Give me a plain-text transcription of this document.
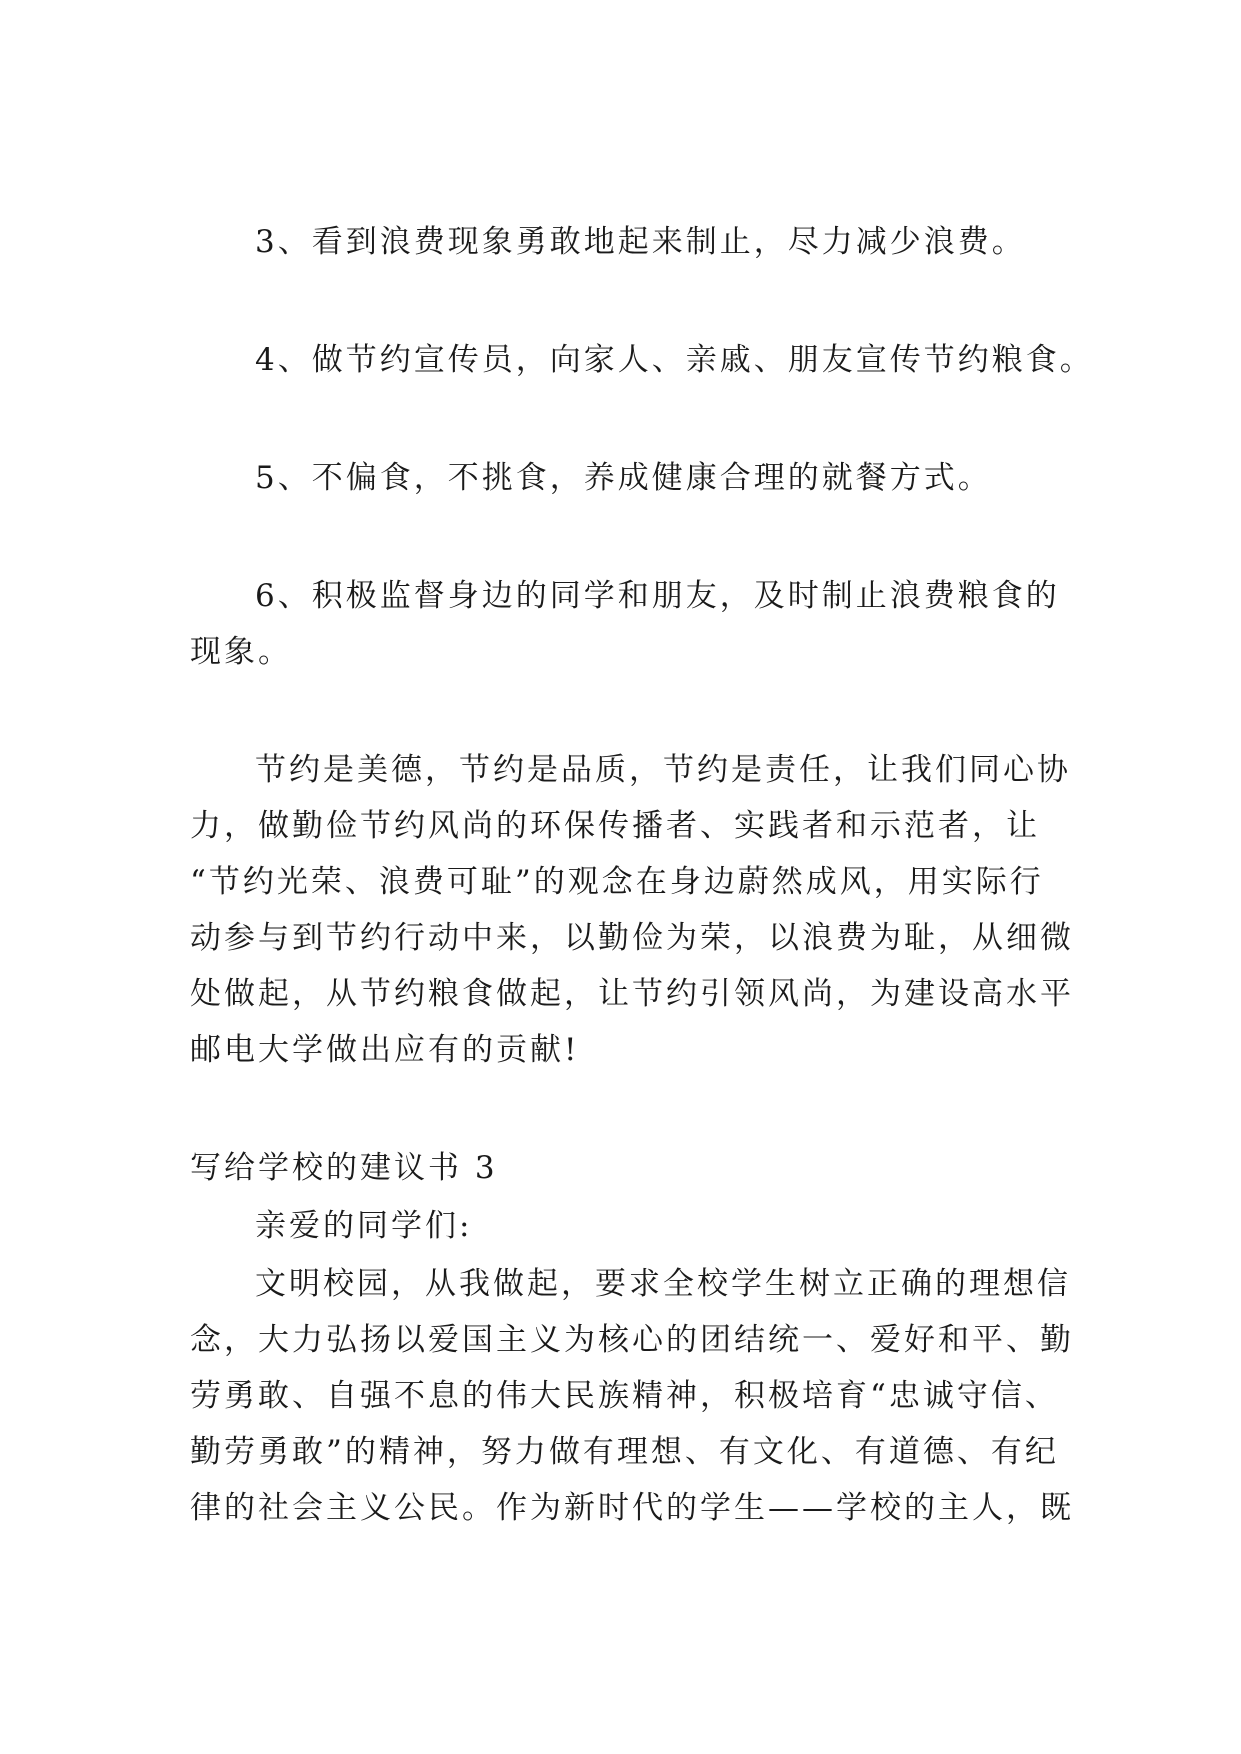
3、看到浪费现象勇敢地起来制止，尽力减少浪费。
4、做节约宣传员，向家人、亲戚、朋友宣传节约粮食。
5、不偏食，不挑食，养成健康合理的就餐方式。
6、积极监督身边的同学和朋友，及时制止浪费粮食的
现象。
节约是美德，节约是品质，节约是责任，让我们同心协
力，做勤俭节约风尚的环保传播者、实践者和示范者，让
“节约光荣、浪费可耻”的观念在身边蔚然成风，用实际行
动参与到节约行动中来，以勤俭为荣，以浪费为耻，从细微
处做起，从节约粮食做起，让节约引领风尚，为建设高水平
邮电大学做出应有的贡献!
写给学校的建议书 3
亲爱的同学们:
文明校园，从我做起，要求全校学生树立正确的理想信
念，大力弘扬以爱国主义为核心的团结统一、爱好和平、勤
劳勇敢、自强不息的伟大民族精神，积极培育“忠诚守信、
勤劳勇敢”的精神，努力做有理想、有文化、有道德、有纪
律的社会主义公民。作为新时代的学生——学校的主人，既
